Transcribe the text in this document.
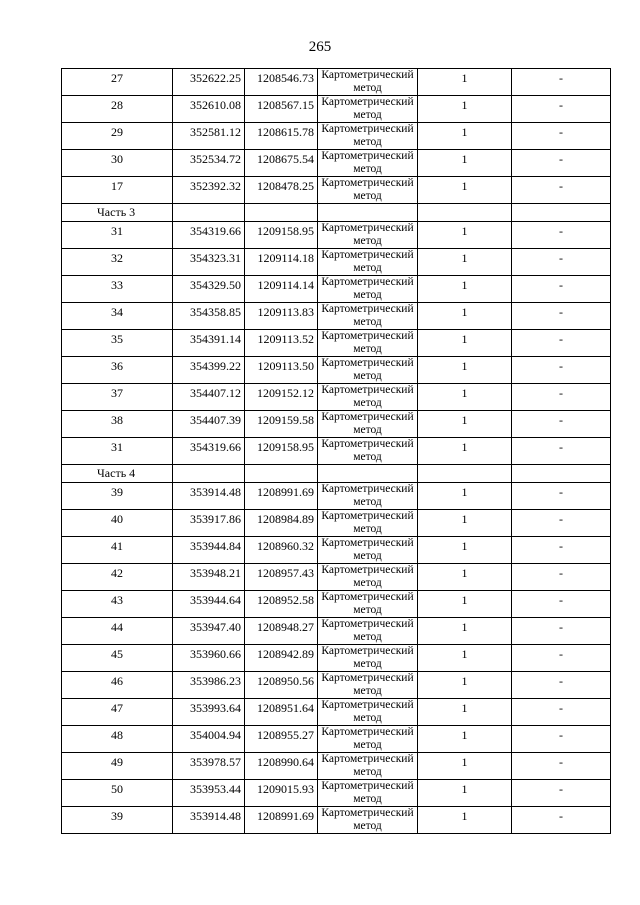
265
27	352622.25	1208546.73	Картометрический метод	1	-
28	352610.08	1208567.15	Картометрический метод	1	-
29	352581.12	1208615.78	Картометрический метод	1	-
30	352534.72	1208675.54	Картометрический метод	1	-
17	352392.32	1208478.25	Картометрический метод	1	-
Часть 3					
31	354319.66	1209158.95	Картометрический метод	1	-
32	354323.31	1209114.18	Картометрический метод	1	-
33	354329.50	1209114.14	Картометрический метод	1	-
34	354358.85	1209113.83	Картометрический метод	1	-
35	354391.14	1209113.52	Картометрический метод	1	-
36	354399.22	1209113.50	Картометрический метод	1	-
37	354407.12	1209152.12	Картометрический метод	1	-
38	354407.39	1209159.58	Картометрический метод	1	-
31	354319.66	1209158.95	Картометрический метод	1	-
Часть 4					
39	353914.48	1208991.69	Картометрический метод	1	-
40	353917.86	1208984.89	Картометрический метод	1	-
41	353944.84	1208960.32	Картометрический метод	1	-
42	353948.21	1208957.43	Картометрический метод	1	-
43	353944.64	1208952.58	Картометрический метод	1	-
44	353947.40	1208948.27	Картометрический метод	1	-
45	353960.66	1208942.89	Картометрический метод	1	-
46	353986.23	1208950.56	Картометрический метод	1	-
47	353993.64	1208951.64	Картометрический метод	1	-
48	354004.94	1208955.27	Картометрический метод	1	-
49	353978.57	1208990.64	Картометрический метод	1	-
50	353953.44	1209015.93	Картометрический метод	1	-
39	353914.48	1208991.69	Картометрический метод	1	-
